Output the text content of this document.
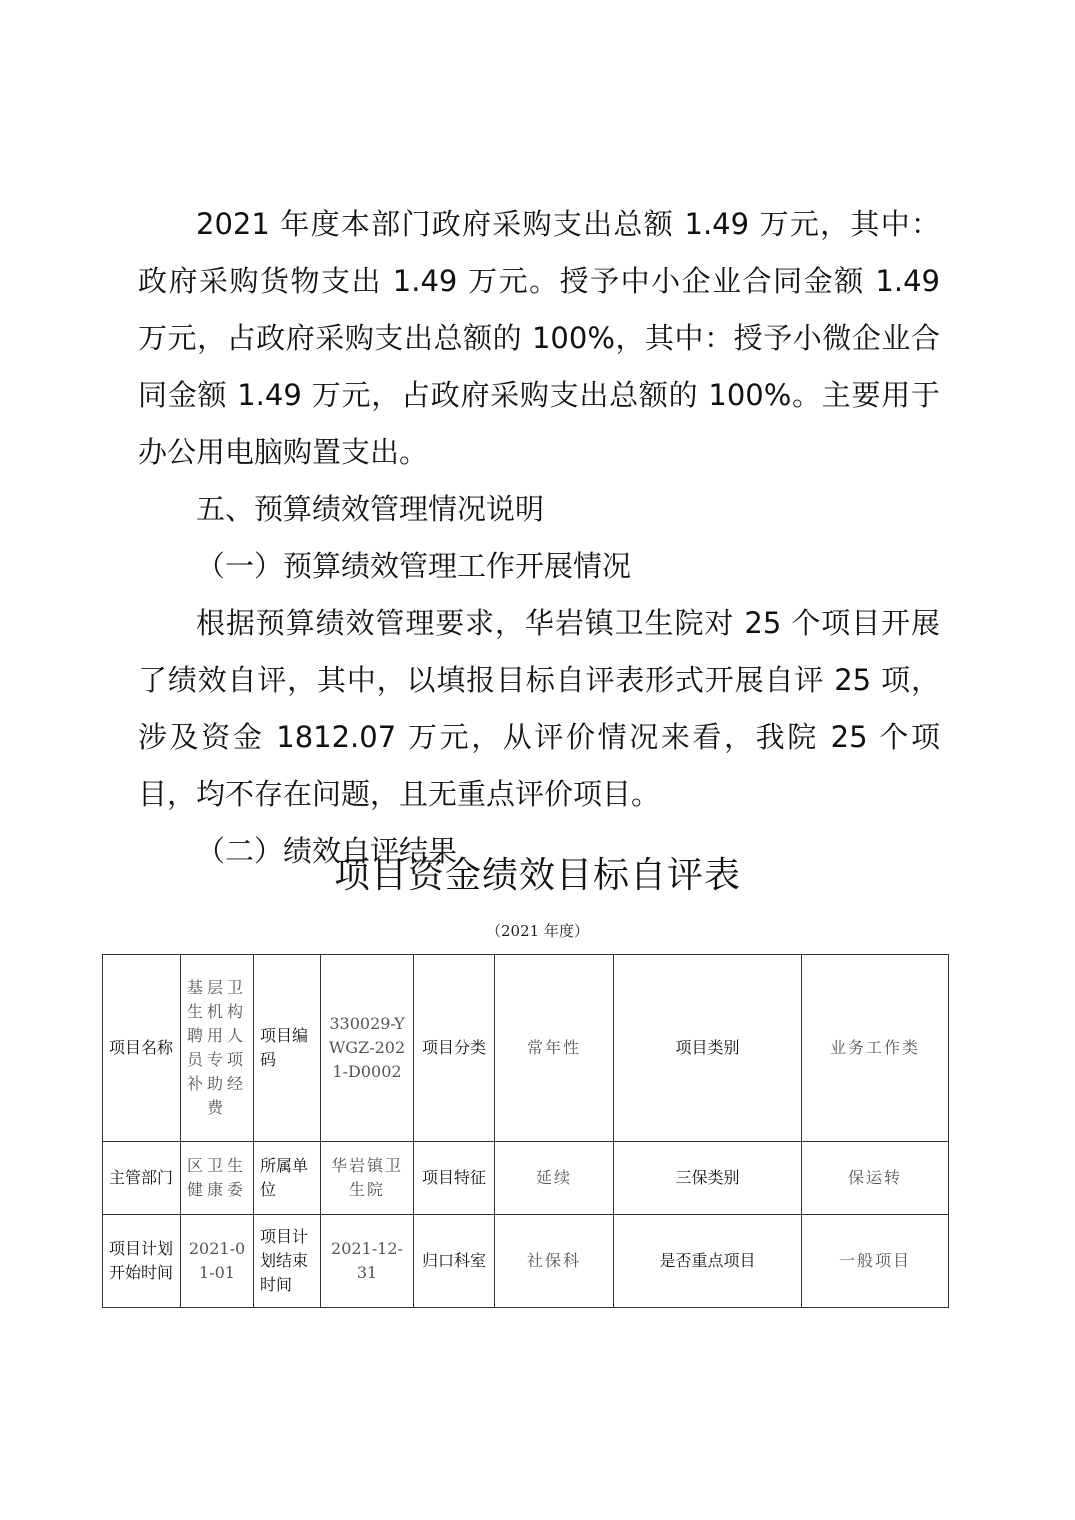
2021 年度本部门政府采购支出总额 1.49 万元，其中：政府采购货物支出 1.49 万元。授予中小企业合同金额 1.49 万元，占政府采购支出总额的 100%，其中：授予小微企业合同金额 1.49 万元，占政府采购支出总额的 100%。主要用于办公用电脑购置支出。

五、预算绩效管理情况说明

（一）预算绩效管理工作开展情况

根据预算绩效管理要求，华岩镇卫生院对 25 个项目开展了绩效自评，其中，以填报目标自评表形式开展自评 25 项，涉及资金 1812.07 万元，从评价情况来看，我院 25 个项目，均不存在问题，且无重点评价项目。

（二）绩效自评结果

项目资金绩效目标自评表
（2021 年度）
项目名称	基层卫生机构聘用人员专项补助经费	项目编码	330029-YWGZ-2021-D0002	项目分类	常年性	项目类别	业务工作类
主管部门	区卫生健康委	所属单位	华岩镇卫生院	项目特征	延续	三保类别	保运转
项目计划开始时间	2021-01-01	项目计划结束时间	2021-12-31	归口科室	社保科	是否重点项目	一般项目
